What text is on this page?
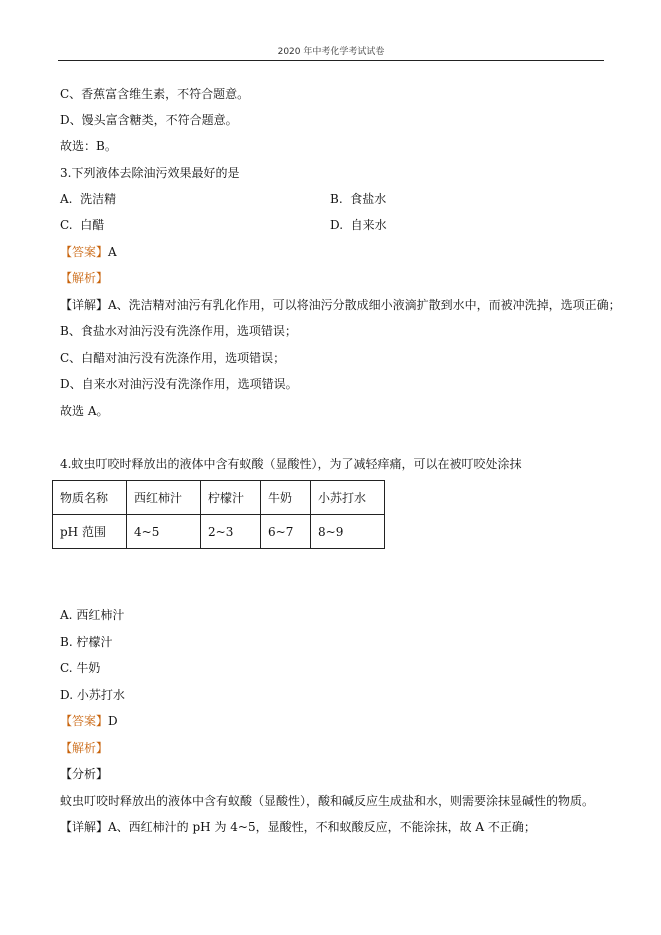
2020 年中考化学考试试卷
C、香蕉富含维生素，不符合题意。
D、馒头富含糖类，不符合题意。
故选：B。
3.下列液体去除油污效果最好的是
A. 洗洁精	B. 食盐水
C. 白醋	D. 自来水
【答案】A
【解析】
【详解】A、洗洁精对油污有乳化作用，可以将油污分散成细小液滴扩散到水中，而被冲洗掉，选项正确；
B、食盐水对油污没有洗涤作用，选项错误；
C、白醋对油污没有洗涤作用，选项错误；
D、自来水对油污没有洗涤作用，选项错误。
故选 A。
4.蚊虫叮咬时释放出的液体中含有蚁酸（显酸性），为了减轻痒痛，可以在被叮咬处涂抹
物质名称	西红柿汁	柠檬汁	牛奶	小苏打水
pH 范围	4~5	2~3	6~7	8~9
A. 西红柿汁
B. 柠檬汁
C. 牛奶
D. 小苏打水
【答案】D
【解析】
【分析】
蚊虫叮咬时释放出的液体中含有蚁酸（显酸性），酸和碱反应生成盐和水，则需要涂抹显碱性的物质。
【详解】A、西红柿汁的 pH 为 4~5，显酸性，不和蚁酸反应，不能涂抹，故 A 不正确；
